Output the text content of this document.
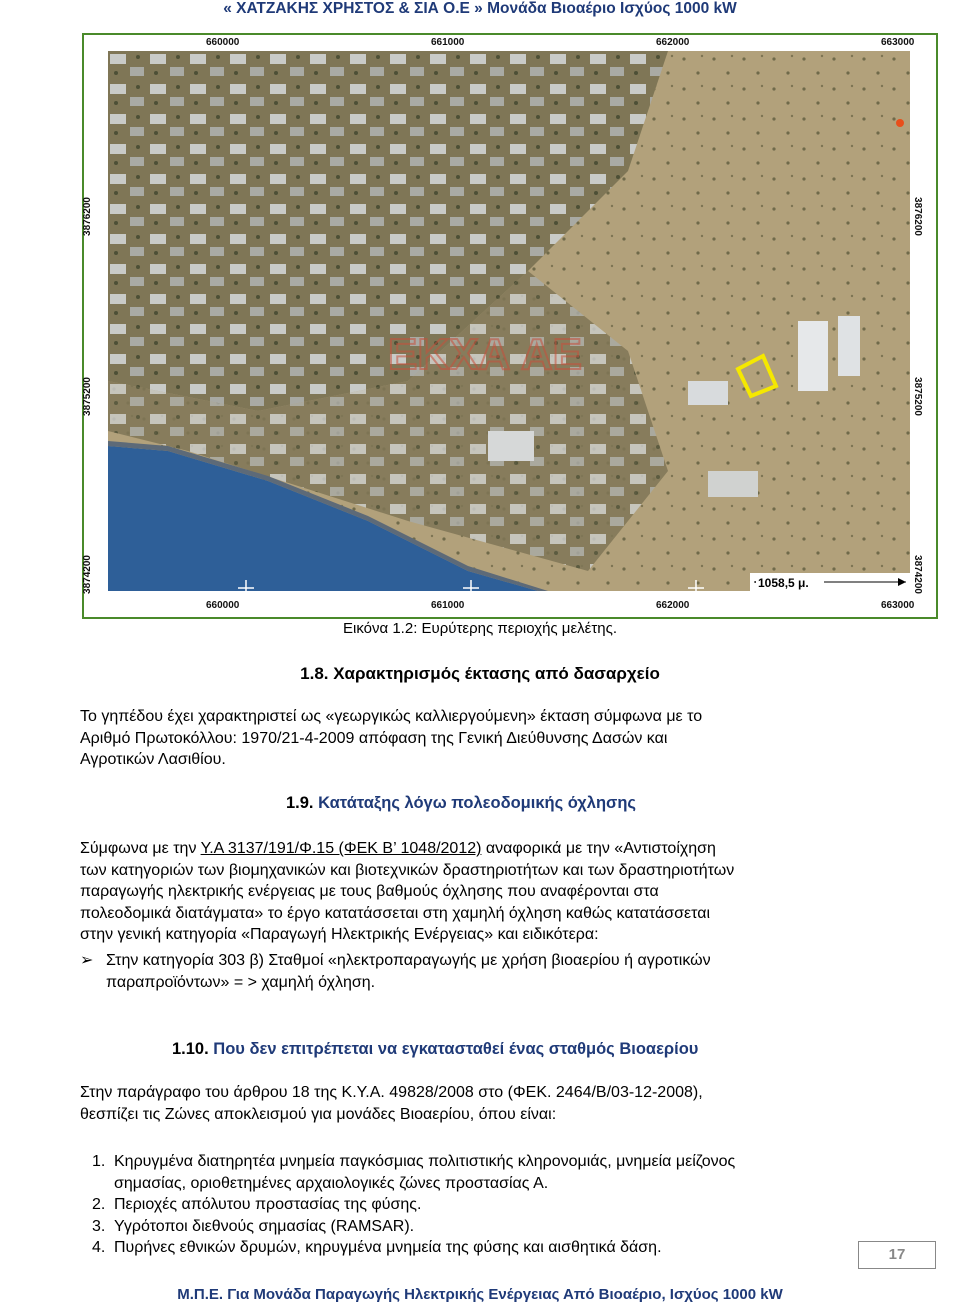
« ΧΑΤΖΑΚΗΣ ΧΡΗΣΤΟΣ & ΣΙΑ Ο.Ε » Μονάδα Βιοαέριο Ισχύος 1000 kW
660000	661000	662000	663000
660000	661000	662000	663000
3876200
3875200
3874200
3876200
3875200
3874200
ΕΚΧΑ ΑΕ
1058,5 μ.
Εικόνα 1.2: Ευρύτερης περιοχής μελέτης.
1.8. Χαρακτηρισμός έκτασης από δασαρχείο
Το γηπέδου έχει χαρακτηριστεί ως «γεωργικώς καλλιεργούμενη» έκταση σύμφωνα με το
Αριθμό Πρωτοκόλλου: 1970/21-4-2009 απόφαση της Γενική Διεύθυνσης Δασών και
Αγροτικών Λασιθίου.
1.9. Κατάταξης λόγω πολεοδομικής όχλησης
Σύμφωνα με την Υ.Α 3137/191/Φ.15 (ΦΕΚ Β’ 1048/2012) αναφορικά με την «Αντιστοίχηση
των κατηγοριών των βιομηχανικών και βιοτεχνικών δραστηριοτήτων και των δραστηριοτήτων
παραγωγής ηλεκτρικής ενέργειας με τους βαθμούς όχλησης που αναφέρονται στα
πολεοδομικά διατάγματα» το έργο κατατάσσεται στη χαμηλή όχληση καθώς κατατάσσεται
στην γενική κατηγορία «Παραγωγή Ηλεκτρικής Ενέργειας» και ειδικότερα:
➢ Στην κατηγορία 303 β) Σταθμοί «ηλεκτροπαραγωγής με χρήση βιοαερίου ή αγροτικών
παραπροϊόντων» = > χαμηλή όχληση.
1.10. Που δεν επιτρέπεται να εγκατασταθεί ένας σταθμός Βιοαερίου
Στην παράγραφο του άρθρου 18 της Κ.Υ.Α. 49828/2008 στο (ΦΕΚ. 2464/Β/03-12-2008),
θεσπίζει τις Ζώνες αποκλεισμού για μονάδες Βιοαερίου, όπου είναι:
1. Κηρυγμένα διατηρητέα μνημεία παγκόσμιας πολιτιστικής κληρονομιάς, μνημεία μείζονος
σημασίας, οριοθετημένες αρχαιολογικές ζώνες προστασίας Α.
2. Περιοχές απόλυτου προστασίας της φύσης.
3. Υγρότοποι διεθνούς σημασίας (RAMSAR).
4. Πυρήνες εθνικών δρυμών, κηρυγμένα μνημεία της φύσης και αισθητικά δάση.	17
Μ.Π.Ε. Για Μονάδα Παραγωγής Ηλεκτρικής Ενέργειας Από Βιοαέριο, Ισχύος 1000 kW
